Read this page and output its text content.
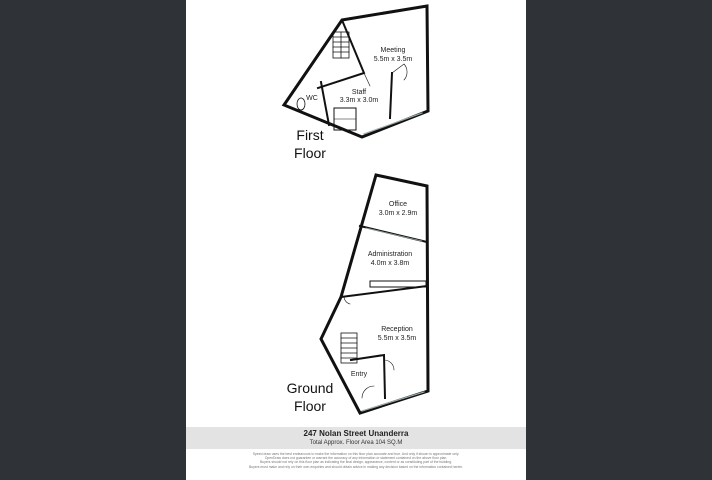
Meeting
5.5m x 3.5m
Staff
3.3m x 3.0m
WC
First
Floor
Office
3.0m x 2.9m
Administration
4.0m x 3.8m
Reception
5.5m x 3.5m
Entry
Ground
Floor
247 Nolan Street Unanderra
Total Approx. Floor Area 104 SQ.M
Speed draw uses the best endeavours to make the information on this floor plan accurate and true. And only if shown is approximate only.
OpenDraw does not guarantee or warrant the accuracy of any information or statement contained on the above floor plan.
Buyers should not rely on this floor plan as indicating the final design, appearance, content or as constituting part of the building.
Buyers must make and rely on their own enquiries and should obtain advice in making any decision based on the information contained herein.
